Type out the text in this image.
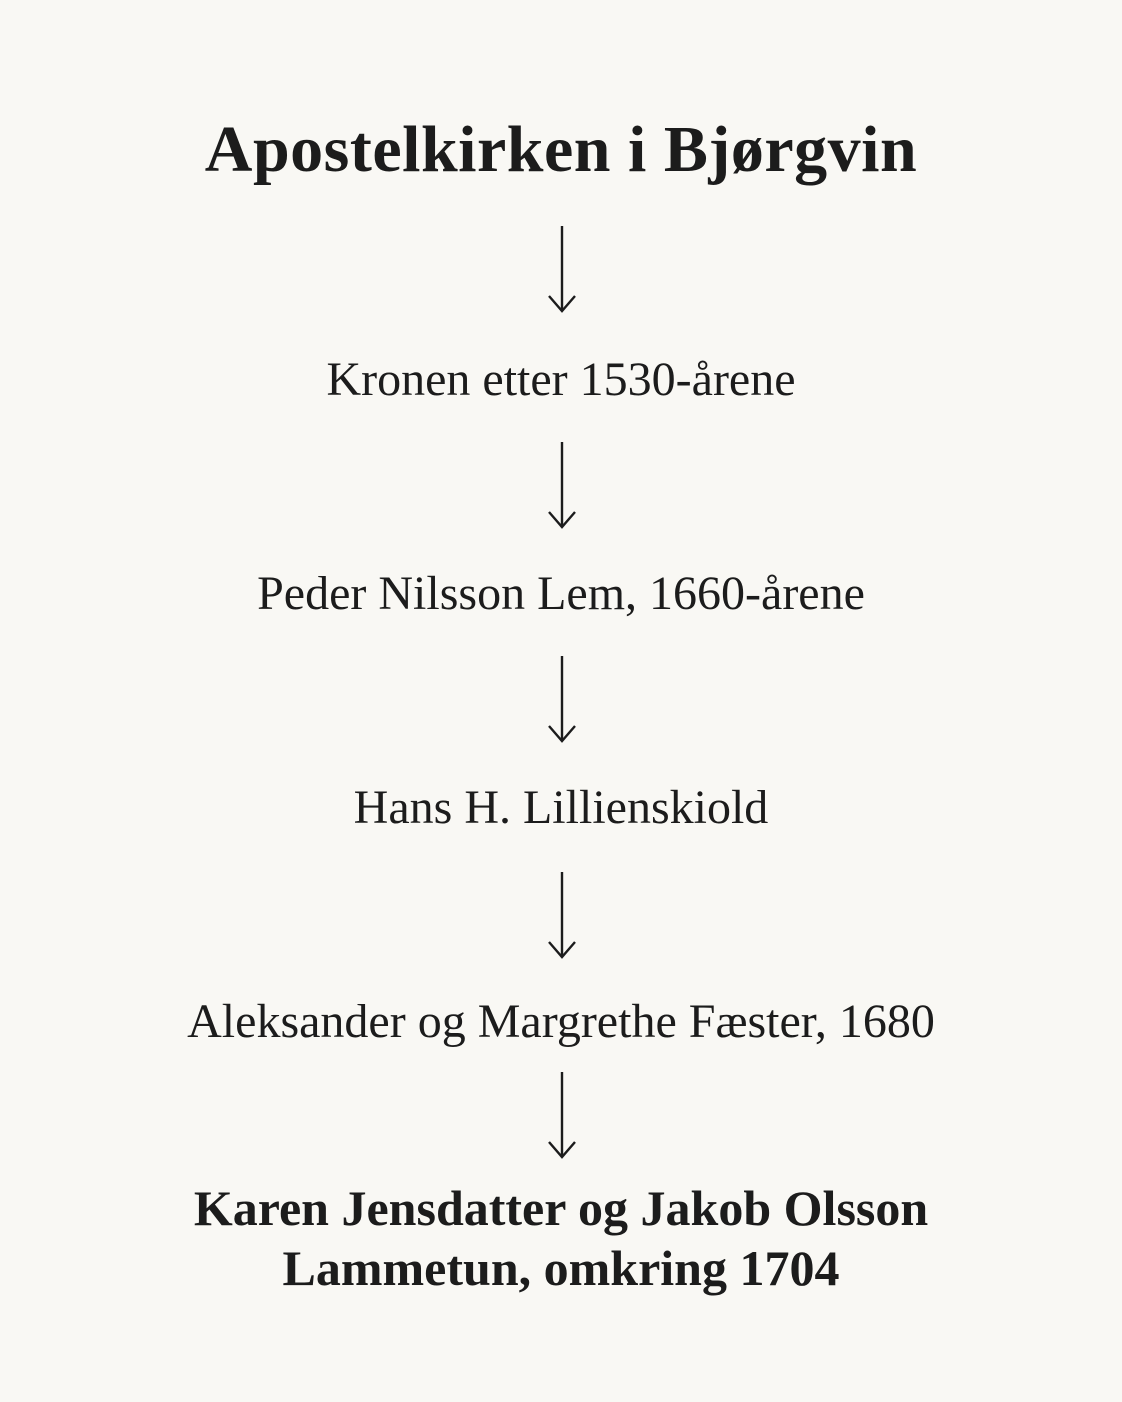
Apostelkirken i Bjørgvin
Kronen etter 1530-årene
Peder Nilsson Lem, 1660-årene
Hans H. Lillienskiold
Aleksander og Margrethe Fæster, 1680
Karen Jensdatter og Jakob Olsson
Lammetun, omkring 1704
